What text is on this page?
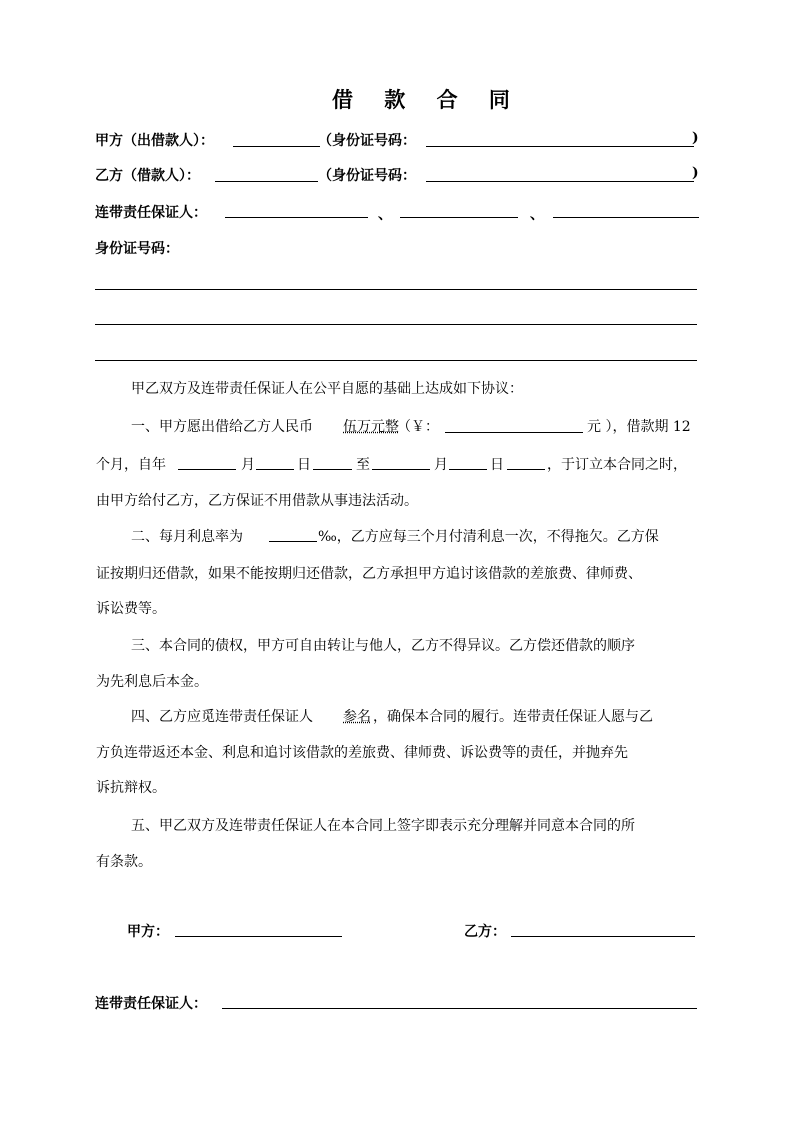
借 款 合 同
甲方（出借款人）：	（身份证号码：	)
乙方（借款人）：	（身份证号码：	)
连带责任保证人：	、	、
身份证号码：
甲乙双方及连带责任保证人在公平自愿的基础上达成如下协议：
一、甲方愿出借给乙方人民币 伍万元整
（￥：	元 ），借款期 12
个月，自年	月	日	至	月	日	，于订立本合同之时，
由甲方给付乙方，乙方保证不用借款从事违法活动。
二、每月利息率为	‰，乙方应每三个月付清利息一次，不得拖欠。乙方保
证按期归还借款，如果不能按期归还借款，乙方承担甲方追讨该借款的差旅费、律师费、
诉讼费等。
三、本合同的债权，甲方可自由转让与他人，乙方不得异议。乙方偿还借款的顺序
为先利息后本金。
四、乙方应觅连带责任保证人 参名 ，确保本合同的履行。连带责任保证人愿与乙
方负连带返还本金、利息和追讨该借款的差旅费、律师费、诉讼费等的责任，并抛弃先
诉抗辩权。
五、甲乙双方及连带责任保证人在本合同上签字即表示充分理解并同意本合同的所
有条款。
甲方：	乙方：
连带责任保证人：
